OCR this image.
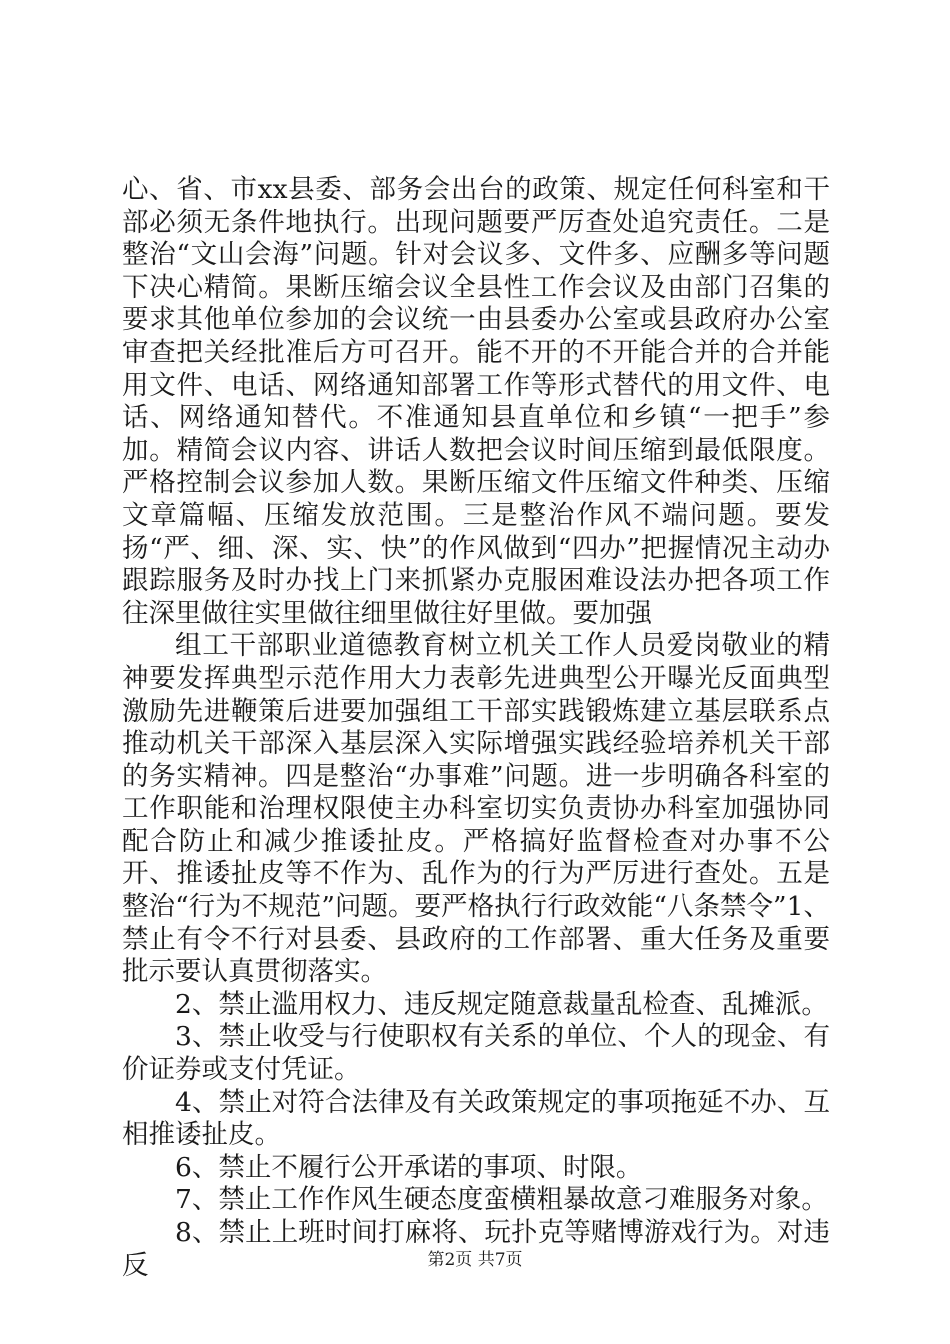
心、省、市xx县委、部务会出台的政策、规定任何科室和干部必须无条件地执行。出现问题要严厉查处追究责任。二是整治“文山会海”问题。针对会议多、文件多、应酬多等问题下决心精简。果断压缩会议全县性工作会议及由部门召集的要求其他单位参加的会议统一由县委办公室或县政府办公室审查把关经批准后方可召开。能不开的不开能合并的合并能用文件、电话、网络通知部署工作等形式替代的用文件、电话、网络通知替代。不准通知县直单位和乡镇“一把手”参加。精简会议内容、讲话人数把会议时间压缩到最低限度。严格控制会议参加人数。果断压缩文件压缩文件种类、压缩文章篇幅、压缩发放范围。三是整治作风不端问题。要发扬“严、细、深、实、快”的作风做到“四办”把握情况主动办跟踪服务及时办找上门来抓紧办克服困难设法办把各项工作往深里做往实里做往细里做往好里做。要加强

组工干部职业道德教育树立机关工作人员爱岗敬业的精神要发挥典型示范作用大力表彰先进典型公开曝光反面典型激励先进鞭策后进要加强组工干部实践锻炼建立基层联系点推动机关干部深入基层深入实际增强实践经验培养机关干部的务实精神。四是整治“办事难”问题。进一步明确各科室的工作职能和治理权限使主办科室切实负责协办科室加强协同配合防止和减少推诿扯皮。严格搞好监督检查对办事不公开、推诿扯皮等不作为、乱作为的行为严厉进行查处。五是整治“行为不规范”问题。要严格执行行政效能“八条禁令”1、禁止有令不行对县委、县政府的工作部署、重大任务及重要批示要认真贯彻落实。

2、禁止滥用权力、违反规定随意裁量乱检查、乱摊派。

3、禁止收受与行使职权有关系的单位、个人的现金、有价证券或支付凭证。

4、禁止对符合法律及有关政策规定的事项拖延不办、互相推诿扯皮。

6、禁止不履行公开承诺的事项、时限。

7、禁止工作作风生硬态度蛮横粗暴故意刁难服务对象。

8、禁止上班时间打麻将、玩扑克等赌博游戏行为。对违反	第2页 共7页
